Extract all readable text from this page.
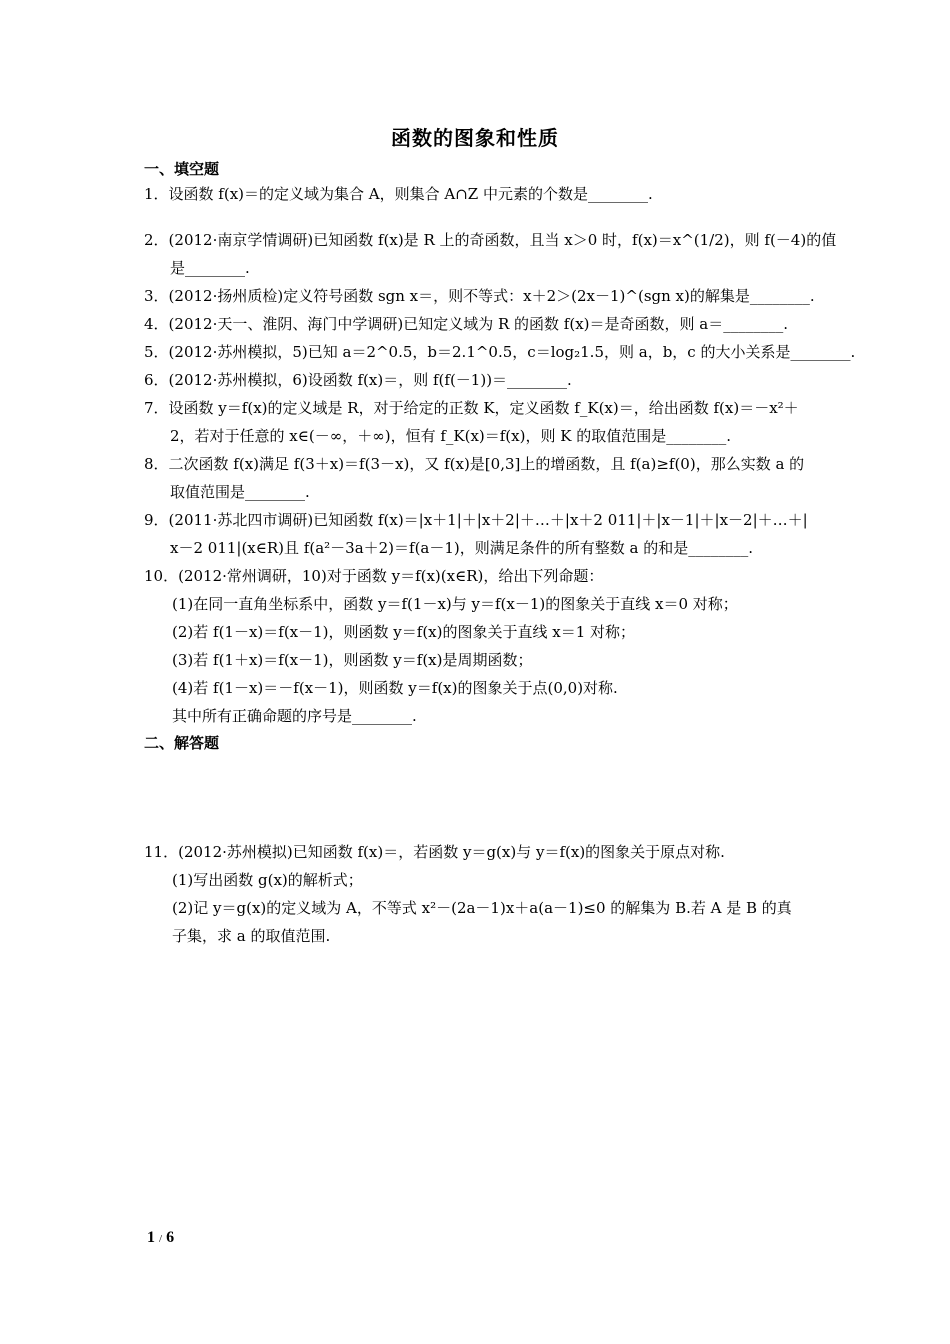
函数的图象和性质
一、填空题
1．设函数 f(x)＝的定义域为集合 A，则集合 A∩Z 中元素的个数是________.
2．(2012·南京学情调研)已知函数 f(x)是 R 上的奇函数，且当 x＞0 时，f(x)＝x^(1/2)，则 f(－4)的值
是________.
3．(2012·扬州质检)定义符号函数 sgn x＝，则不等式：x＋2＞(2x－1)^(sgn x)的解集是________.
4．(2012·天一、淮阴、海门中学调研)已知定义域为 R 的函数 f(x)＝是奇函数，则 a＝________.
5．(2012·苏州模拟，5)已知 a＝2^0.5，b＝2.1^0.5，c＝log₂1.5，则 a，b，c 的大小关系是________.
6．(2012·苏州模拟，6)设函数 f(x)＝，则 f(f(－1))＝________.
7．设函数 y＝f(x)的定义域是 R，对于给定的正数 K，定义函数 f_K(x)＝，给出函数 f(x)＝－x²＋
2，若对于任意的 x∈(－∞，＋∞)，恒有 f_K(x)＝f(x)，则 K 的取值范围是________.
8．二次函数 f(x)满足 f(3＋x)＝f(3－x)，又 f(x)是[0,3]上的增函数，且 f(a)≥f(0)，那么实数 a 的
取值范围是________.
9．(2011·苏北四市调研)已知函数 f(x)＝|x＋1|＋|x＋2|＋…＋|x＋2 011|＋|x－1|＋|x－2|＋…＋|
x－2 011|(x∈R)且 f(a²－3a＋2)＝f(a－1)，则满足条件的所有整数 a 的和是________.
10．(2012·常州调研，10)对于函数 y＝f(x)(x∈R)，给出下列命题：
(1)在同一直角坐标系中，函数 y＝f(1－x)与 y＝f(x－1)的图象关于直线 x＝0 对称；
(2)若 f(1－x)＝f(x－1)，则函数 y＝f(x)的图象关于直线 x＝1 对称；
(3)若 f(1＋x)＝f(x－1)，则函数 y＝f(x)是周期函数；
(4)若 f(1－x)＝－f(x－1)，则函数 y＝f(x)的图象关于点(0,0)对称.
其中所有正确命题的序号是________.
二、解答题
11．(2012·苏州模拟)已知函数 f(x)＝，若函数 y＝g(x)与 y＝f(x)的图象关于原点对称.
(1)写出函数 g(x)的解析式；
(2)记 y＝g(x)的定义域为 A，不等式 x²－(2a－1)x＋a(a－1)≤0 的解集为 B.若 A 是 B 的真
子集，求 a 的取值范围.
1 / 6
